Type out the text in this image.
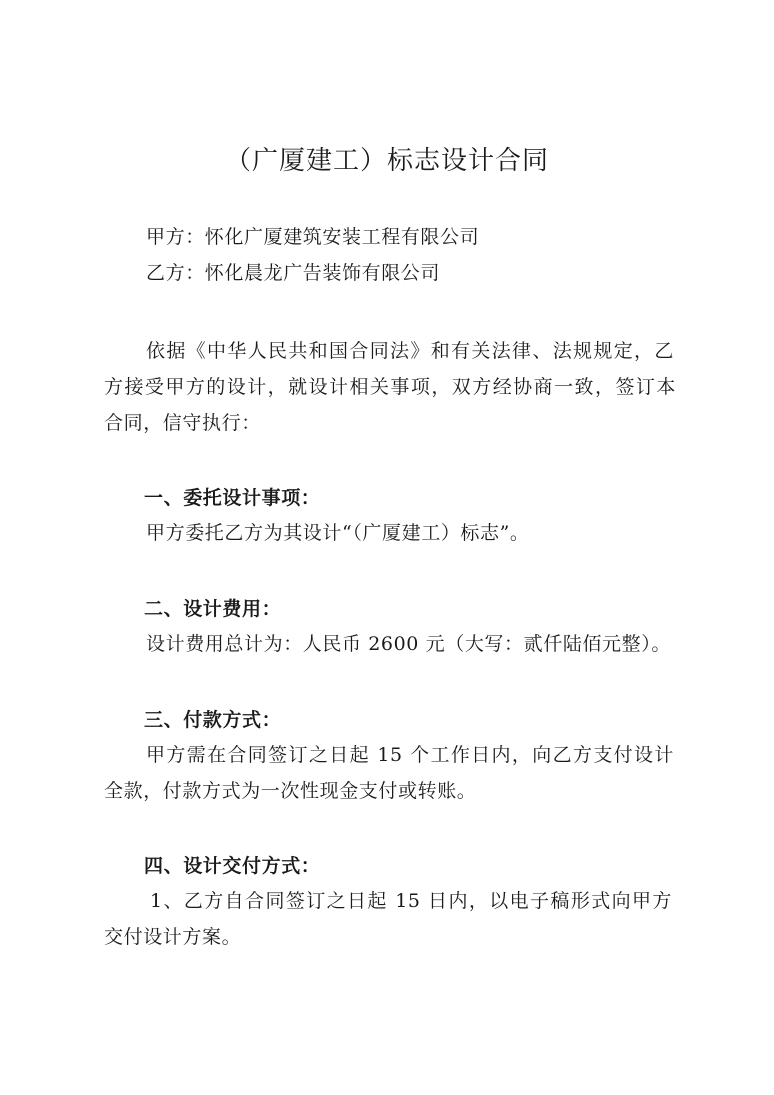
（广厦建工）标志设计合同
甲方：怀化广厦建筑安装工程有限公司
乙方：怀化晨龙广告装饰有限公司
依据《中华人民共和国合同法》和有关法律、法规规定，乙
方接受甲方的设计，就设计相关事项，双方经协商一致，签订本
合同，信守执行：
一、委托设计事项：
甲方委托乙方为其设计“（广厦建工）标志”。
二、设计费用：
设计费用总计为：人民币 2600 元（大写：贰仟陆佰元整）。
三、付款方式：
甲方需在合同签订之日起 15 个工作日内，向乙方支付设计
全款，付款方式为一次性现金支付或转账。
四、设计交付方式：
1、乙方自合同签订之日起 15 日内，以电子稿形式向甲方
交付设计方案。
